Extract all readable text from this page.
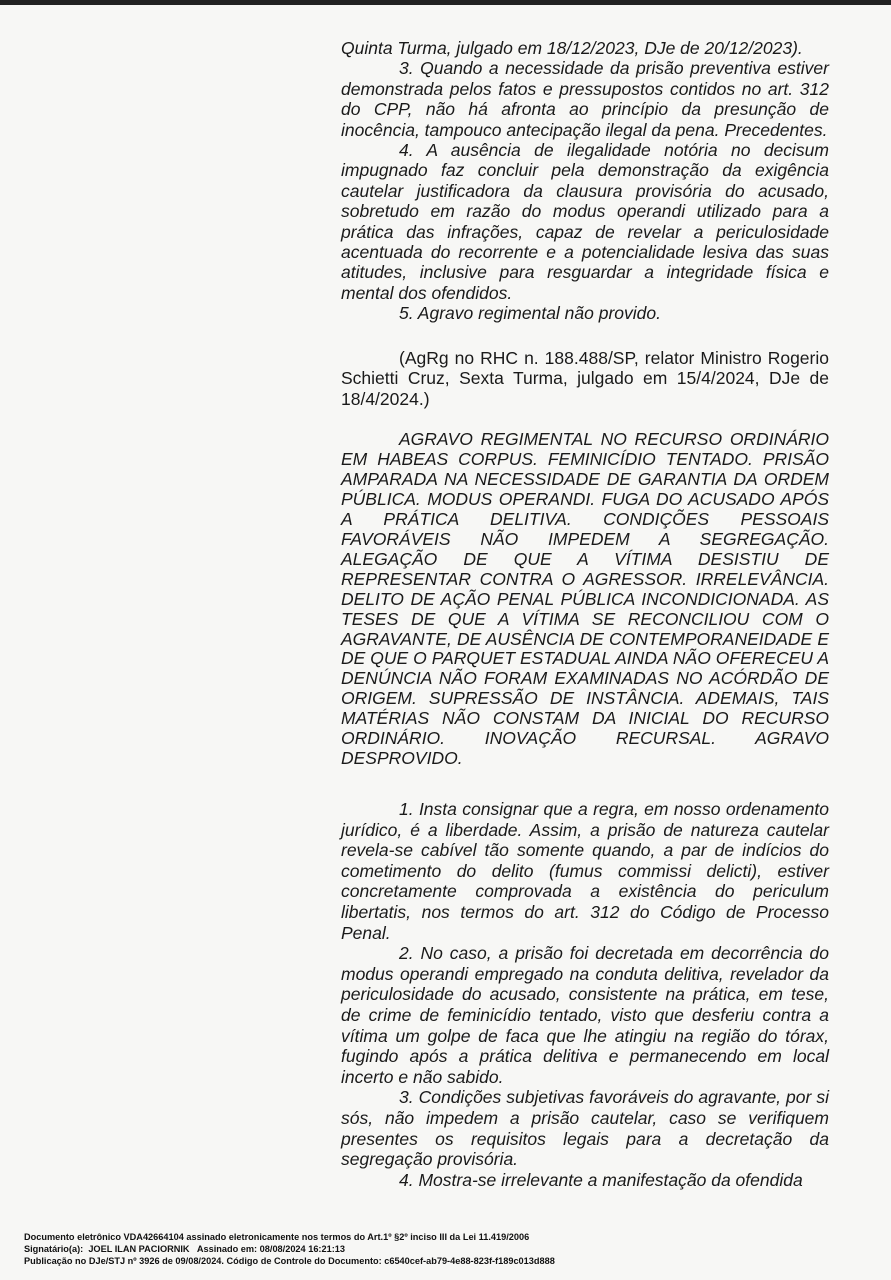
Quinta Turma, julgado em 18/12/2023, DJe de 20/12/2023).

3. Quando a necessidade da prisão preventiva estiver demonstrada pelos fatos e pressupostos contidos no art. 312 do CPP, não há afronta ao princípio da presunção de inocência, tampouco antecipação ilegal da pena. Precedentes.

4. A ausência de ilegalidade notória no decisum impugnado faz concluir pela demonstração da exigência cautelar justificadora da clausura provisória do acusado, sobretudo em razão do modus operandi utilizado para a prática das infrações, capaz de revelar a periculosidade acentuada do recorrente e a potencialidade lesiva das suas atitudes, inclusive para resguardar a integridade física e mental dos ofendidos.

5. Agravo regimental não provido.

(AgRg no RHC n. 188.488/SP, relator Ministro Rogerio Schietti Cruz, Sexta Turma, julgado em 15/4/2024, DJe de 18/4/2024.)

AGRAVO REGIMENTAL NO RECURSO ORDINÁRIO EM HABEAS CORPUS. FEMINICÍDIO TENTADO. PRISÃO AMPARADA NA NECESSIDADE DE GARANTIA DA ORDEM PÚBLICA. MODUS OPERANDI. FUGA DO ACUSADO APÓS A PRÁTICA DELITIVA. CONDIÇÕES PESSOAIS FAVORÁVEIS NÃO IMPEDEM A SEGREGAÇÃO. ALEGAÇÃO DE QUE A VÍTIMA DESISTIU DE REPRESENTAR CONTRA O AGRESSOR. IRRELEVÂNCIA. DELITO DE AÇÃO PENAL PÚBLICA INCONDICIONADA. AS TESES DE QUE A VÍTIMA SE RECONCILIOU COM O AGRAVANTE, DE AUSÊNCIA DE CONTEMPORANEIDADE E DE QUE O PARQUET ESTADUAL AINDA NÃO OFERECEU A DENÚNCIA NÃO FORAM EXAMINADAS NO ACÓRDÃO DE ORIGEM. SUPRESSÃO DE INSTÂNCIA. ADEMAIS, TAIS MATÉRIAS NÃO CONSTAM DA INICIAL DO RECURSO ORDINÁRIO. INOVAÇÃO RECURSAL. AGRAVO DESPROVIDO.

1. Insta consignar que a regra, em nosso ordenamento jurídico, é a liberdade. Assim, a prisão de natureza cautelar revela-se cabível tão somente quando, a par de indícios do cometimento do delito (fumus commissi delicti), estiver concretamente comprovada a existência do periculum libertatis, nos termos do art. 312 do Código de Processo Penal.

2. No caso, a prisão foi decretada em decorrência do modus operandi empregado na conduta delitiva, revelador da periculosidade do acusado, consistente na prática, em tese, de crime de feminicídio tentado, visto que desferiu contra a vítima um golpe de faca que lhe atingiu na região do tórax, fugindo após a prática delitiva e permanecendo em local incerto e não sabido.

3. Condições subjetivas favoráveis do agravante, por si sós, não impedem a prisão cautelar, caso se verifiquem presentes os requisitos legais para a decretação da segregação provisória.

4. Mostra-se irrelevante a manifestação da ofendida

Documento eletrônico VDA42664104 assinado eletronicamente nos termos do Art.1º §2º inciso III da Lei 11.419/2006
Signatário(a):  JOEL ILAN PACIORNIK   Assinado em: 08/08/2024 16:21:13
Publicação no DJe/STJ nº 3926 de 09/08/2024. Código de Controle do Documento: c6540cef-ab79-4e88-823f-f189c013d888
